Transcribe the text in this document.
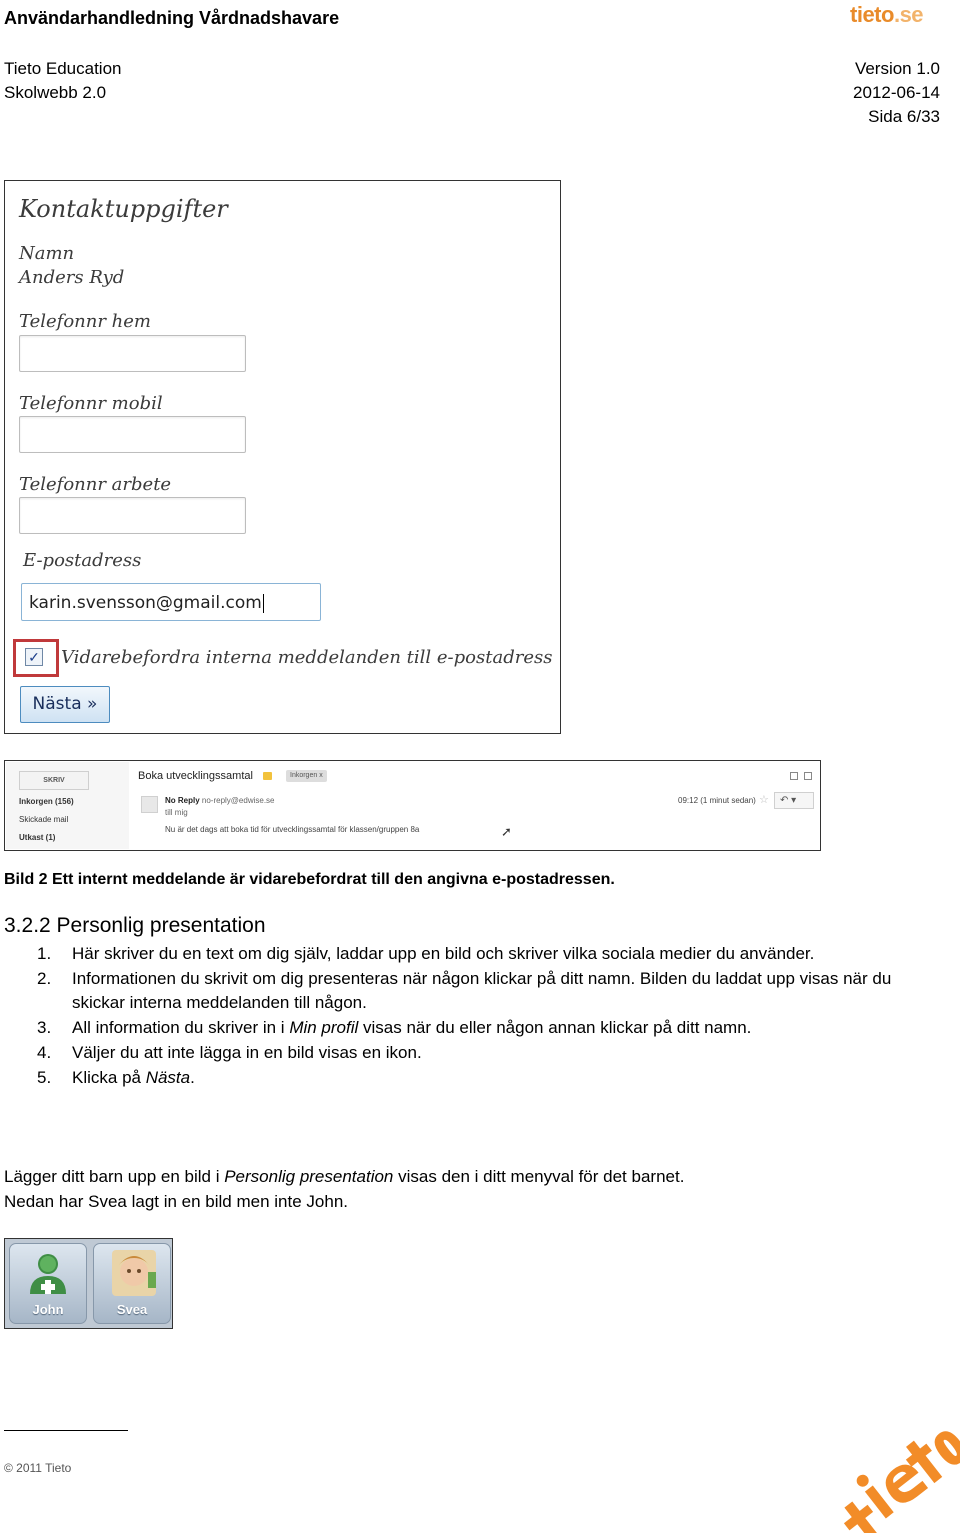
Användarhandledning Vårdnadshavare	tieto.se
Tieto Education
Skolwebb 2.0
Version 1.0
2012-06-14
Sida 6/33
Kontaktuppgifter
Namn
Anders Ryd
Telefonnr hem
Telefonnr mobil
Telefonnr arbete
E-postadress
karin.svensson@gmail.com
✓ Vidarebefordra interna meddelanden till e-postadress
Nästa »
SKRIV
Inkorgen (156)
Skickade mail
Utkast (1)
Boka utvecklingssamtal	Inkorgen x
No Reply no-reply@edwise.se
till mig
Nu är det dags att boka tid för utvecklingssamtal för klassen/gruppen 8a
09:12 (1 minut sedan) ☆	↶ ▾
➚
Bild 2 Ett internt meddelande är vidarebefordrat till den angivna e-postadressen.
3.2.2 Personlig presentation
1. Här skriver du en text om dig själv, laddar upp en bild och skriver vilka sociala medier du använder.
2. Informationen du skrivit om dig presenteras när någon klickar på ditt namn. Bilden du laddat upp visas när du skickar interna meddelanden till någon.
3. All information du skriver in i Min profil visas när du eller någon annan klickar på ditt namn.
4. Väljer du att inte lägga in en bild visas en ikon.
5. Klicka på Nästa.
Lägger ditt barn upp en bild i Personlig presentation visas den i ditt menyval för det barnet.
Nedan har Svea lagt in en bild men inte John.
John	Svea
© 2011 Tieto
